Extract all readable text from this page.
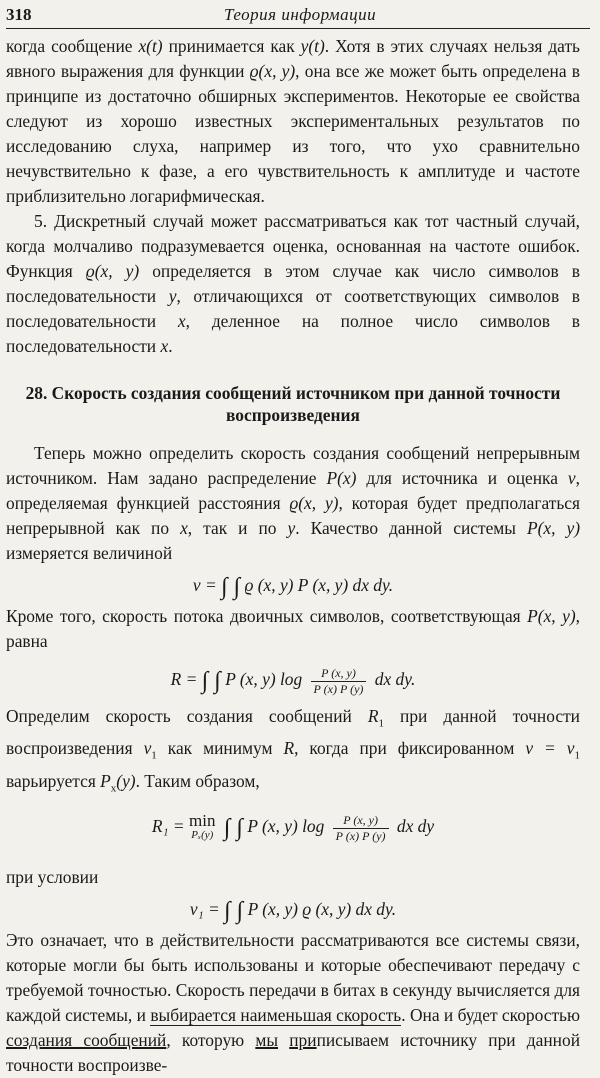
318	Теория информации

когда сообщение x(t) принимается как y(t). Хотя в этих случаях нельзя дать явного выражения для функции ϱ(x, y), она все же может быть определена в принципе из достаточно обширных экспериментов. Некоторые ее свойства следуют из хорошо известных экспериментальных результатов по исследованию слуха, например из того, что ухо сравнительно нечувствительно к фазе, а его чувствительность к амплитуде и частоте приблизительно логарифмическая.

5. Дискретный случай может рассматриваться как тот частный случай, когда молчаливо подразумевается оценка, основанная на частоте ошибок. Функция ϱ(x, y) определяется в этом случае как число символов в последовательности y, отличающихся от соответствующих символов в последовательности x, деленное на полное число символов в последовательности x.

28. Скорость создания сообщений источником при данной точности воспроизведения

Теперь можно определить скорость создания сообщений непрерывным источником. Нам задано распределение P(x) для источника и оценка v, определяемая функцией расстояния ϱ(x, y), которая будет предполагаться непрерывной как по x, так и по y. Качество данной системы P(x, y) измеряется величиной

v = ∫ ∫ ϱ (x, y) P (x, y) dx dy.

Кроме того, скорость потока двоичных символов, соответствующая P(x, y), равна

R = ∫ ∫ P (x, y) $\log \frac{P (x, y)}{P (x) P (y)}$ dx dy.

Определим скорость создания сообщений $R_1$ при данной точности воспроизведения $v_1$ как минимум R, когда при фиксированном $v = v_1$ варьируется $P_x(y)$. Таким образом,

R₁ = min
Pₓ(y) ∫ ∫ P (x, y) $\log \frac{P (x, y)}{P (x) P (y)}$ dx dy

при условии

v₁ = ∫ ∫ P (x, y) ϱ (x, y) dx dy.

Это означает, что в действительности рассматриваются все системы связи, которые могли бы быть использованы и которые обеспечивают передачу с требуемой точностью. Скорость передачи в битах в секунду вычисляется для каждой системы, и выбирается наименьшая скорость. Она и будет скоростью создания сообщений, которую мы приписываем источнику при данной точности воспроизве-
